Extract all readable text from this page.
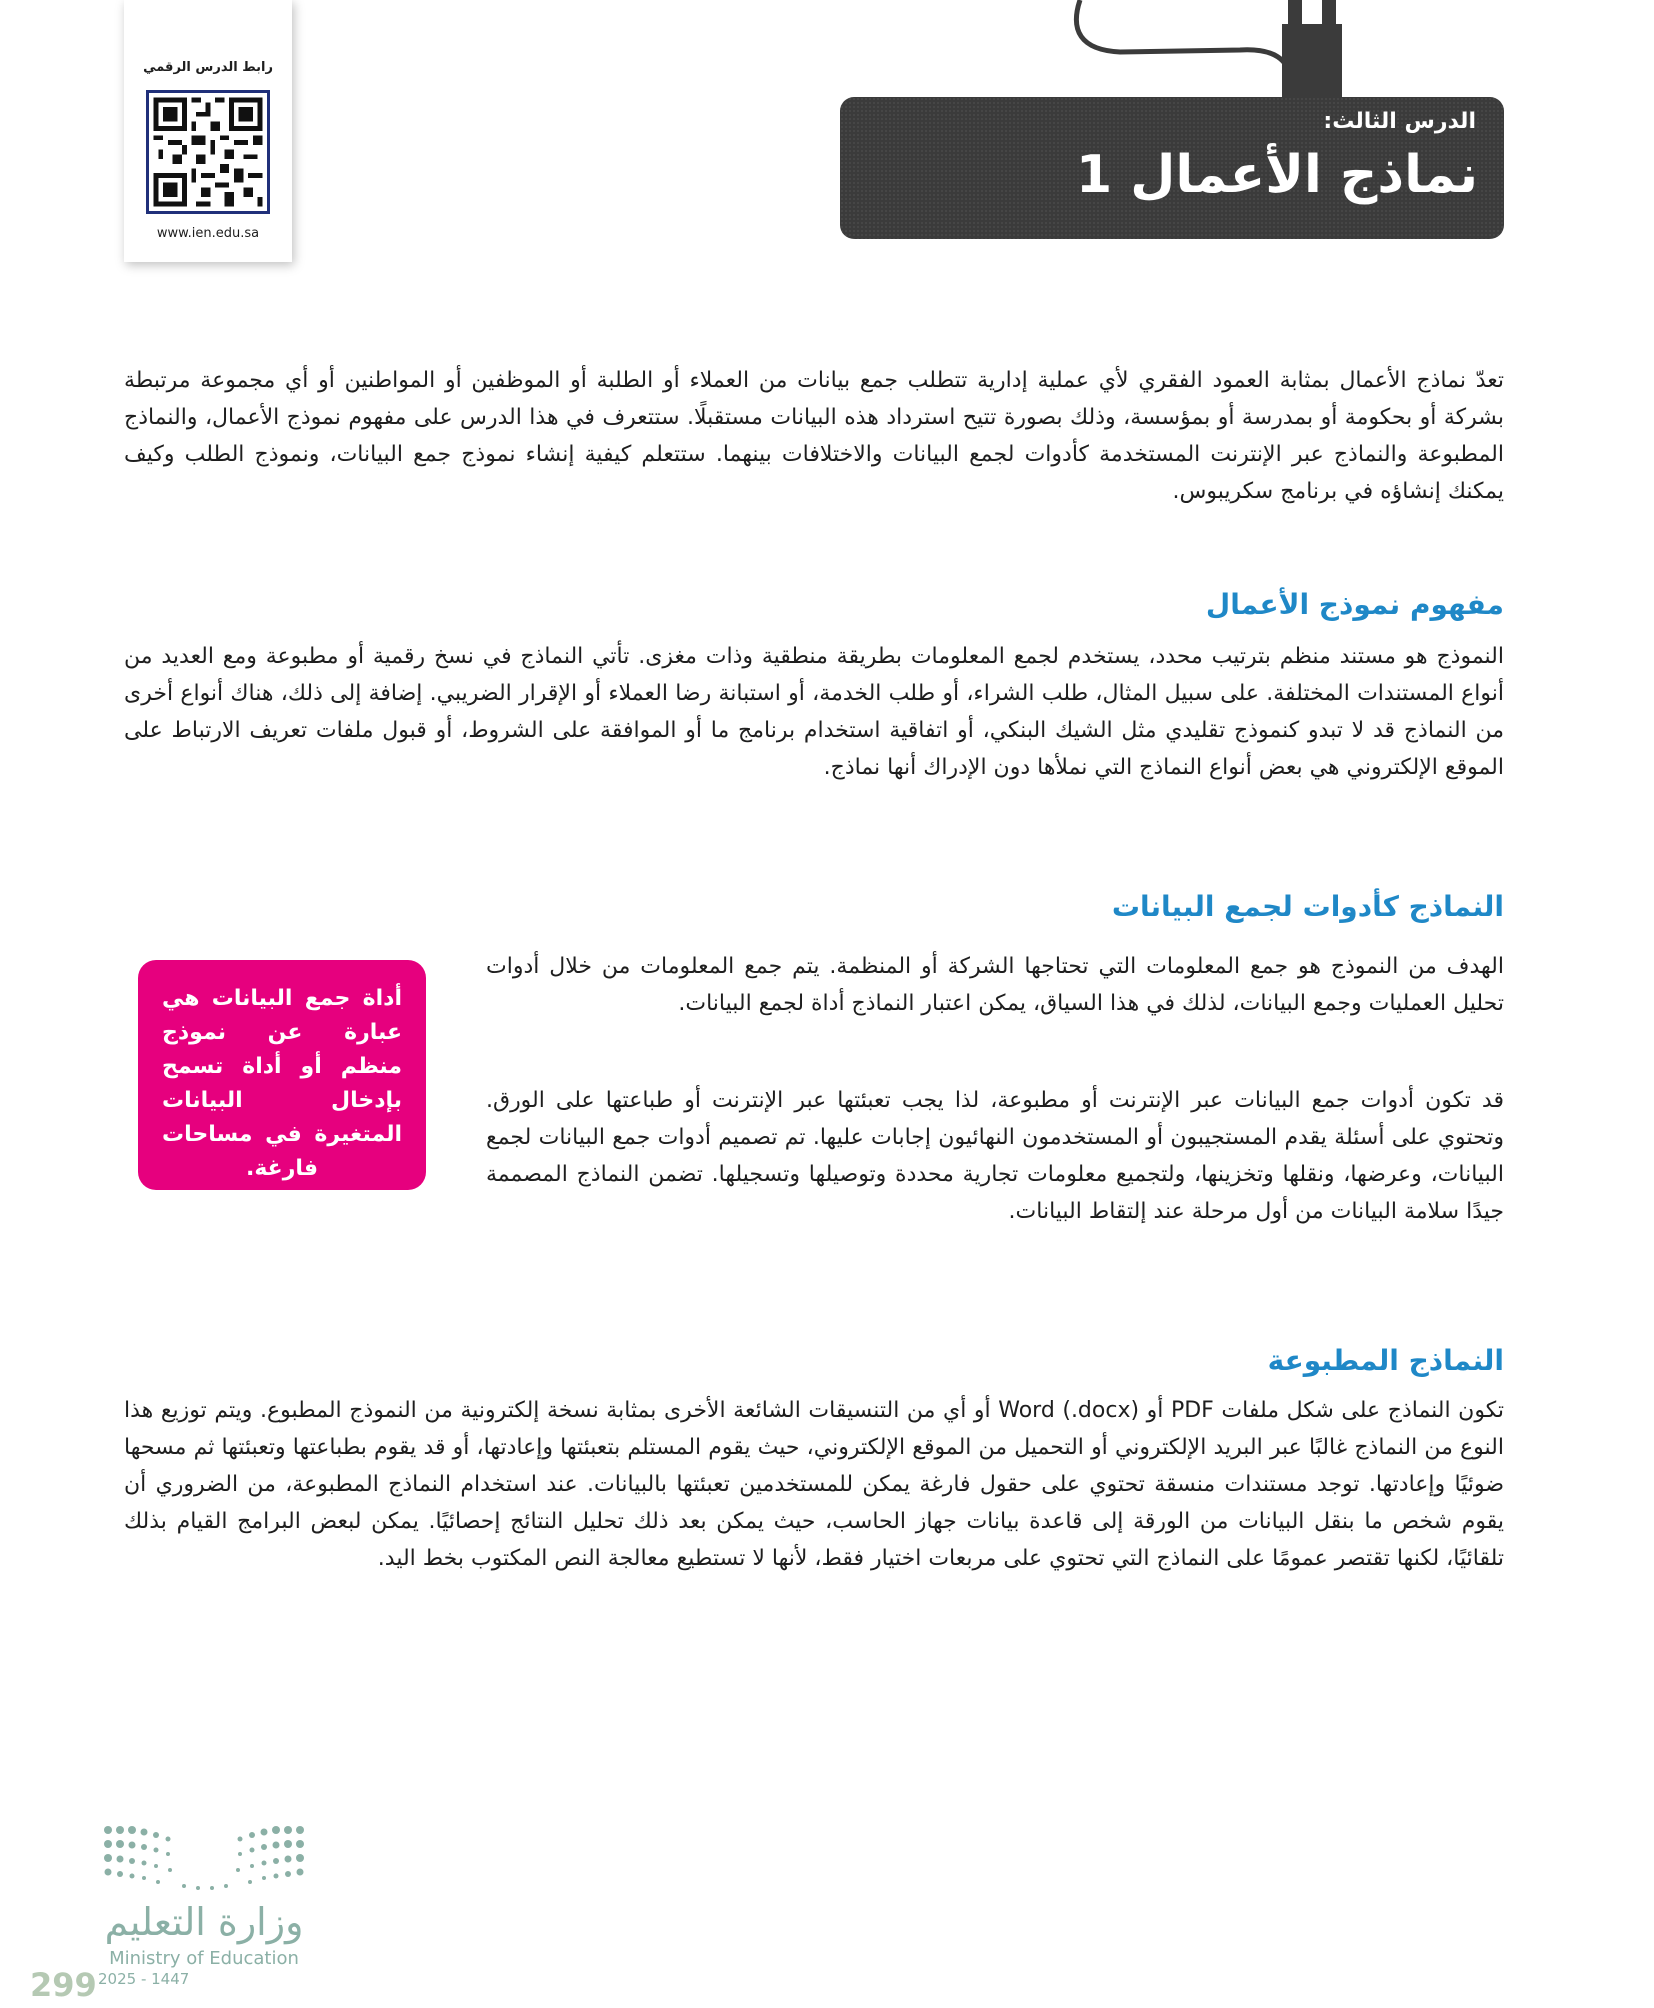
رابط الدرس الرقمي
www.ien.edu.sa
الدرس الثالث:
نماذج الأعمال 1
تعدّ نماذج الأعمال بمثابة العمود الفقري لأي عملية إدارية تتطلب جمع بيانات من العملاء أو الطلبة أو الموظفين أو المواطنين أو أي مجموعة مرتبطة بشركة أو بحكومة أو بمدرسة أو بمؤسسة، وذلك بصورة تتيح استرداد هذه البيانات مستقبلًا. ستتعرف في هذا الدرس على مفهوم نموذج الأعمال، والنماذج المطبوعة والنماذج عبر الإنترنت المستخدمة كأدوات لجمع البيانات والاختلافات بينهما. ستتعلم كيفية إنشاء نموذج جمع البيانات، ونموذج الطلب وكيف يمكنك إنشاؤه في برنامج سكريبوس.
مفهوم نموذج الأعمال
النموذج هو مستند منظم بترتيب محدد، يستخدم لجمع المعلومات بطريقة منطقية وذات مغزى. تأتي النماذج في نسخ رقمية أو مطبوعة ومع العديد من أنواع المستندات المختلفة. على سبيل المثال، طلب الشراء، أو طلب الخدمة، أو استبانة رضا العملاء أو الإقرار الضريبي. إضافة إلى ذلك، هناك أنواع أخرى من النماذج قد لا تبدو كنموذج تقليدي مثل الشيك البنكي، أو اتفاقية استخدام برنامج ما أو الموافقة على الشروط، أو قبول ملفات تعريف الارتباط على الموقع الإلكتروني هي بعض أنواع النماذج التي نملأها دون الإدراك أنها نماذج.
النماذج كأدوات لجمع البيانات
الهدف من النموذج هو جمع المعلومات التي تحتاجها الشركة أو المنظمة. يتم جمع المعلومات من خلال أدوات تحليل العمليات وجمع البيانات، لذلك في هذا السياق، يمكن اعتبار النماذج أداة لجمع البيانات.
قد تكون أدوات جمع البيانات عبر الإنترنت أو مطبوعة، لذا يجب تعبئتها عبر الإنترنت أو طباعتها على الورق. وتحتوي على أسئلة يقدم المستجيبون أو المستخدمون النهائيون إجابات عليها. تم تصميم أدوات جمع البيانات لجمع البيانات، وعرضها، ونقلها وتخزينها، ولتجميع معلومات تجارية محددة وتوصيلها وتسجيلها. تضمن النماذج المصممة جيدًا سلامة البيانات من أول مرحلة عند إلتقاط البيانات.
أداة جمع البيانات هي عبارة عن نموذج منظم أو أداة تسمح بإدخال البيانات المتغيرة في مساحات فارغة.
النماذج المطبوعة
تكون النماذج على شكل ملفات PDF أو Word (.docx) أو أي من التنسيقات الشائعة الأخرى بمثابة نسخة إلكترونية من النموذج المطبوع. ويتم توزيع هذا النوع من النماذج غالبًا عبر البريد الإلكتروني أو التحميل من الموقع الإلكتروني، حيث يقوم المستلم بتعبئتها وإعادتها، أو قد يقوم بطباعتها وتعبئتها ثم مسحها ضوئيًا وإعادتها. توجد مستندات منسقة تحتوي على حقول فارغة يمكن للمستخدمين تعبئتها بالبيانات. عند استخدام النماذج المطبوعة، من الضروري أن يقوم شخص ما بنقل البيانات من الورقة إلى قاعدة بيانات جهاز الحاسب، حيث يمكن بعد ذلك تحليل النتائج إحصائيًا. يمكن لبعض البرامج القيام بذلك تلقائيًا، لكنها تقتصر عمومًا على النماذج التي تحتوي على مربعات اختيار فقط، لأنها لا تستطيع معالجة النص المكتوب بخط اليد.
وزارة التعليم
Ministry of Education
2025 - 1447
299
